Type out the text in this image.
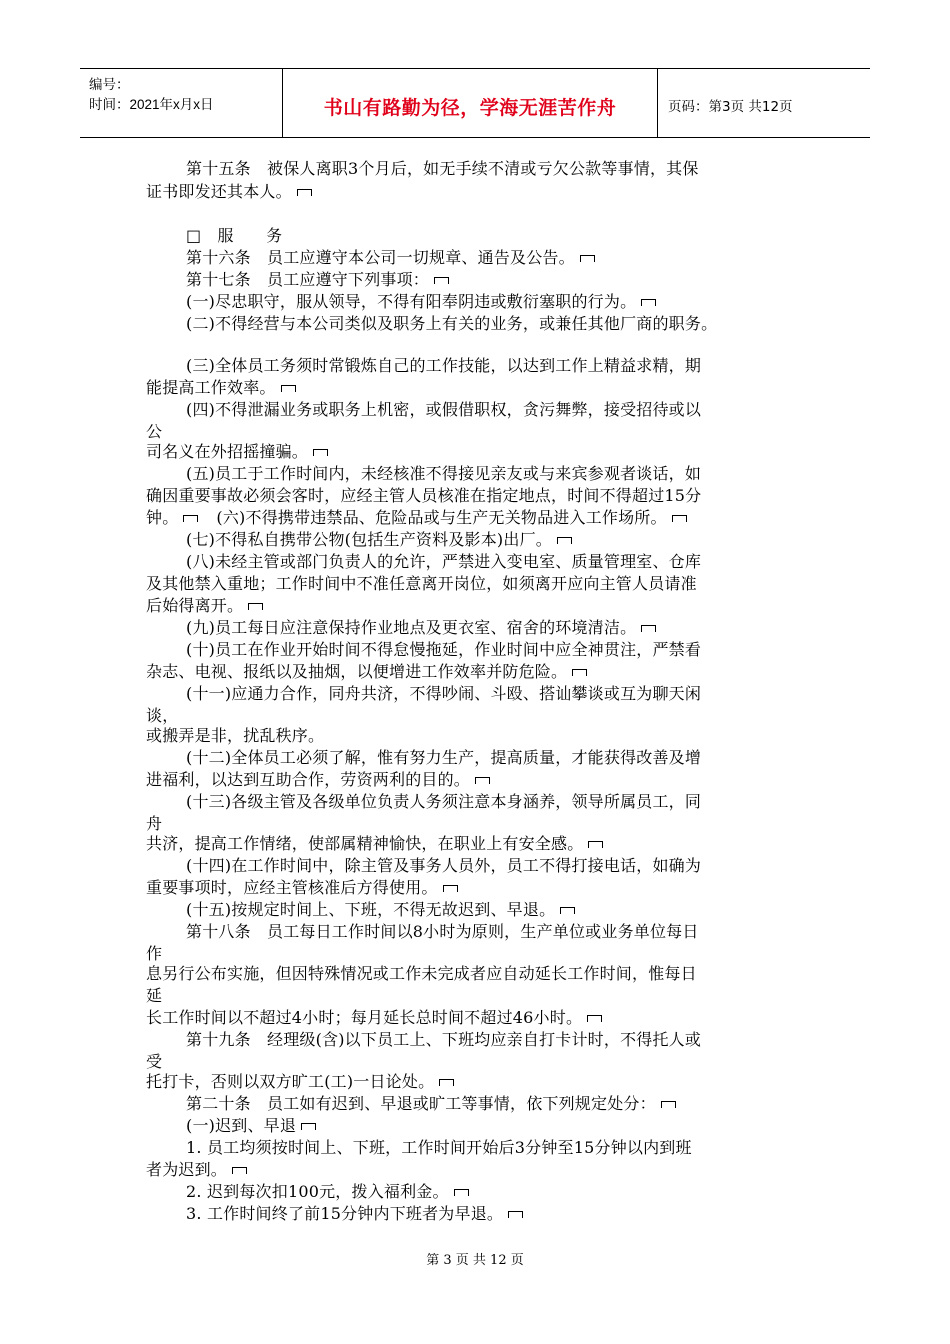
编号：
时间：2021年x月x日	书山有路勤为径，学海无涯苦作舟	页码：第3页 共12页
第十五条　被保人离职3个月后，如无手续不清或亏欠公款等事情，其保
证书即发还其本人。
□　服　　务
第十六条　员工应遵守本公司一切规章、通告及公告。
第十七条　员工应遵守下列事项：
(一)尽忠职守，服从领导，不得有阳奉阴违或敷衍塞职的行为。
(二)不得经营与本公司类似及职务上有关的业务，或兼任其他厂商的职务。
(三)全体员工务须时常锻炼自己的工作技能，以达到工作上精益求精，期
能提高工作效率。
(四)不得泄漏业务或职务上机密，或假借职权，贪污舞弊，接受招待或以
公
司名义在外招摇撞骗。
(五)员工于工作时间内，未经核准不得接见亲友或与来宾参观者谈话，如
确因重要事故必须会客时，应经主管人员核准在指定地点，时间不得超过15分
钟。 (六)不得携带违禁品、危险品或与生产无关物品进入工作场所。
(七)不得私自携带公物(包括生产资料及影本)出厂。
(八)未经主管或部门负责人的允许，严禁进入变电室、质量管理室、仓库
及其他禁入重地；工作时间中不准任意离开岗位，如须离开应向主管人员请准
后始得离开。
(九)员工每日应注意保持作业地点及更衣室、宿舍的环境清洁。
(十)员工在作业开始时间不得怠慢拖延，作业时间中应全神贯注，严禁看
杂志、电视、报纸以及抽烟，以便增进工作效率并防危险。
(十一)应通力合作，同舟共济，不得吵闹、斗殴、搭讪攀谈或互为聊天闲
谈，
或搬弄是非，扰乱秩序。
(十二)全体员工必须了解，惟有努力生产，提高质量，才能获得改善及增
进福利，以达到互助合作，劳资两利的目的。
(十三)各级主管及各级单位负责人务须注意本身涵养，领导所属员工，同
舟
共济，提高工作情绪，使部属精神愉快，在职业上有安全感。
(十四)在工作时间中，除主管及事务人员外，员工不得打接电话，如确为
重要事项时，应经主管核准后方得使用。
(十五)按规定时间上、下班，不得无故迟到、早退。
第十八条　员工每日工作时间以8小时为原则，生产单位或业务单位每日
作
息另行公布实施，但因特殊情况或工作未完成者应自动延长工作时间，惟每日
延
长工作时间以不超过4小时；每月延长总时间不超过46小时。
第十九条　经理级(含)以下员工上、下班均应亲自打卡计时，不得托人或
受
托打卡，否则以双方旷工(工)一日论处。
第二十条　员工如有迟到、早退或旷工等事情，依下列规定处分：
(一)迟到、早退
1. 员工均须按时间上、下班，工作时间开始后3分钟至15分钟以内到班
者为迟到。
2. 迟到每次扣100元，拨入福利金。
3. 工作时间终了前15分钟内下班者为早退。
第 3 页 共 12 页
